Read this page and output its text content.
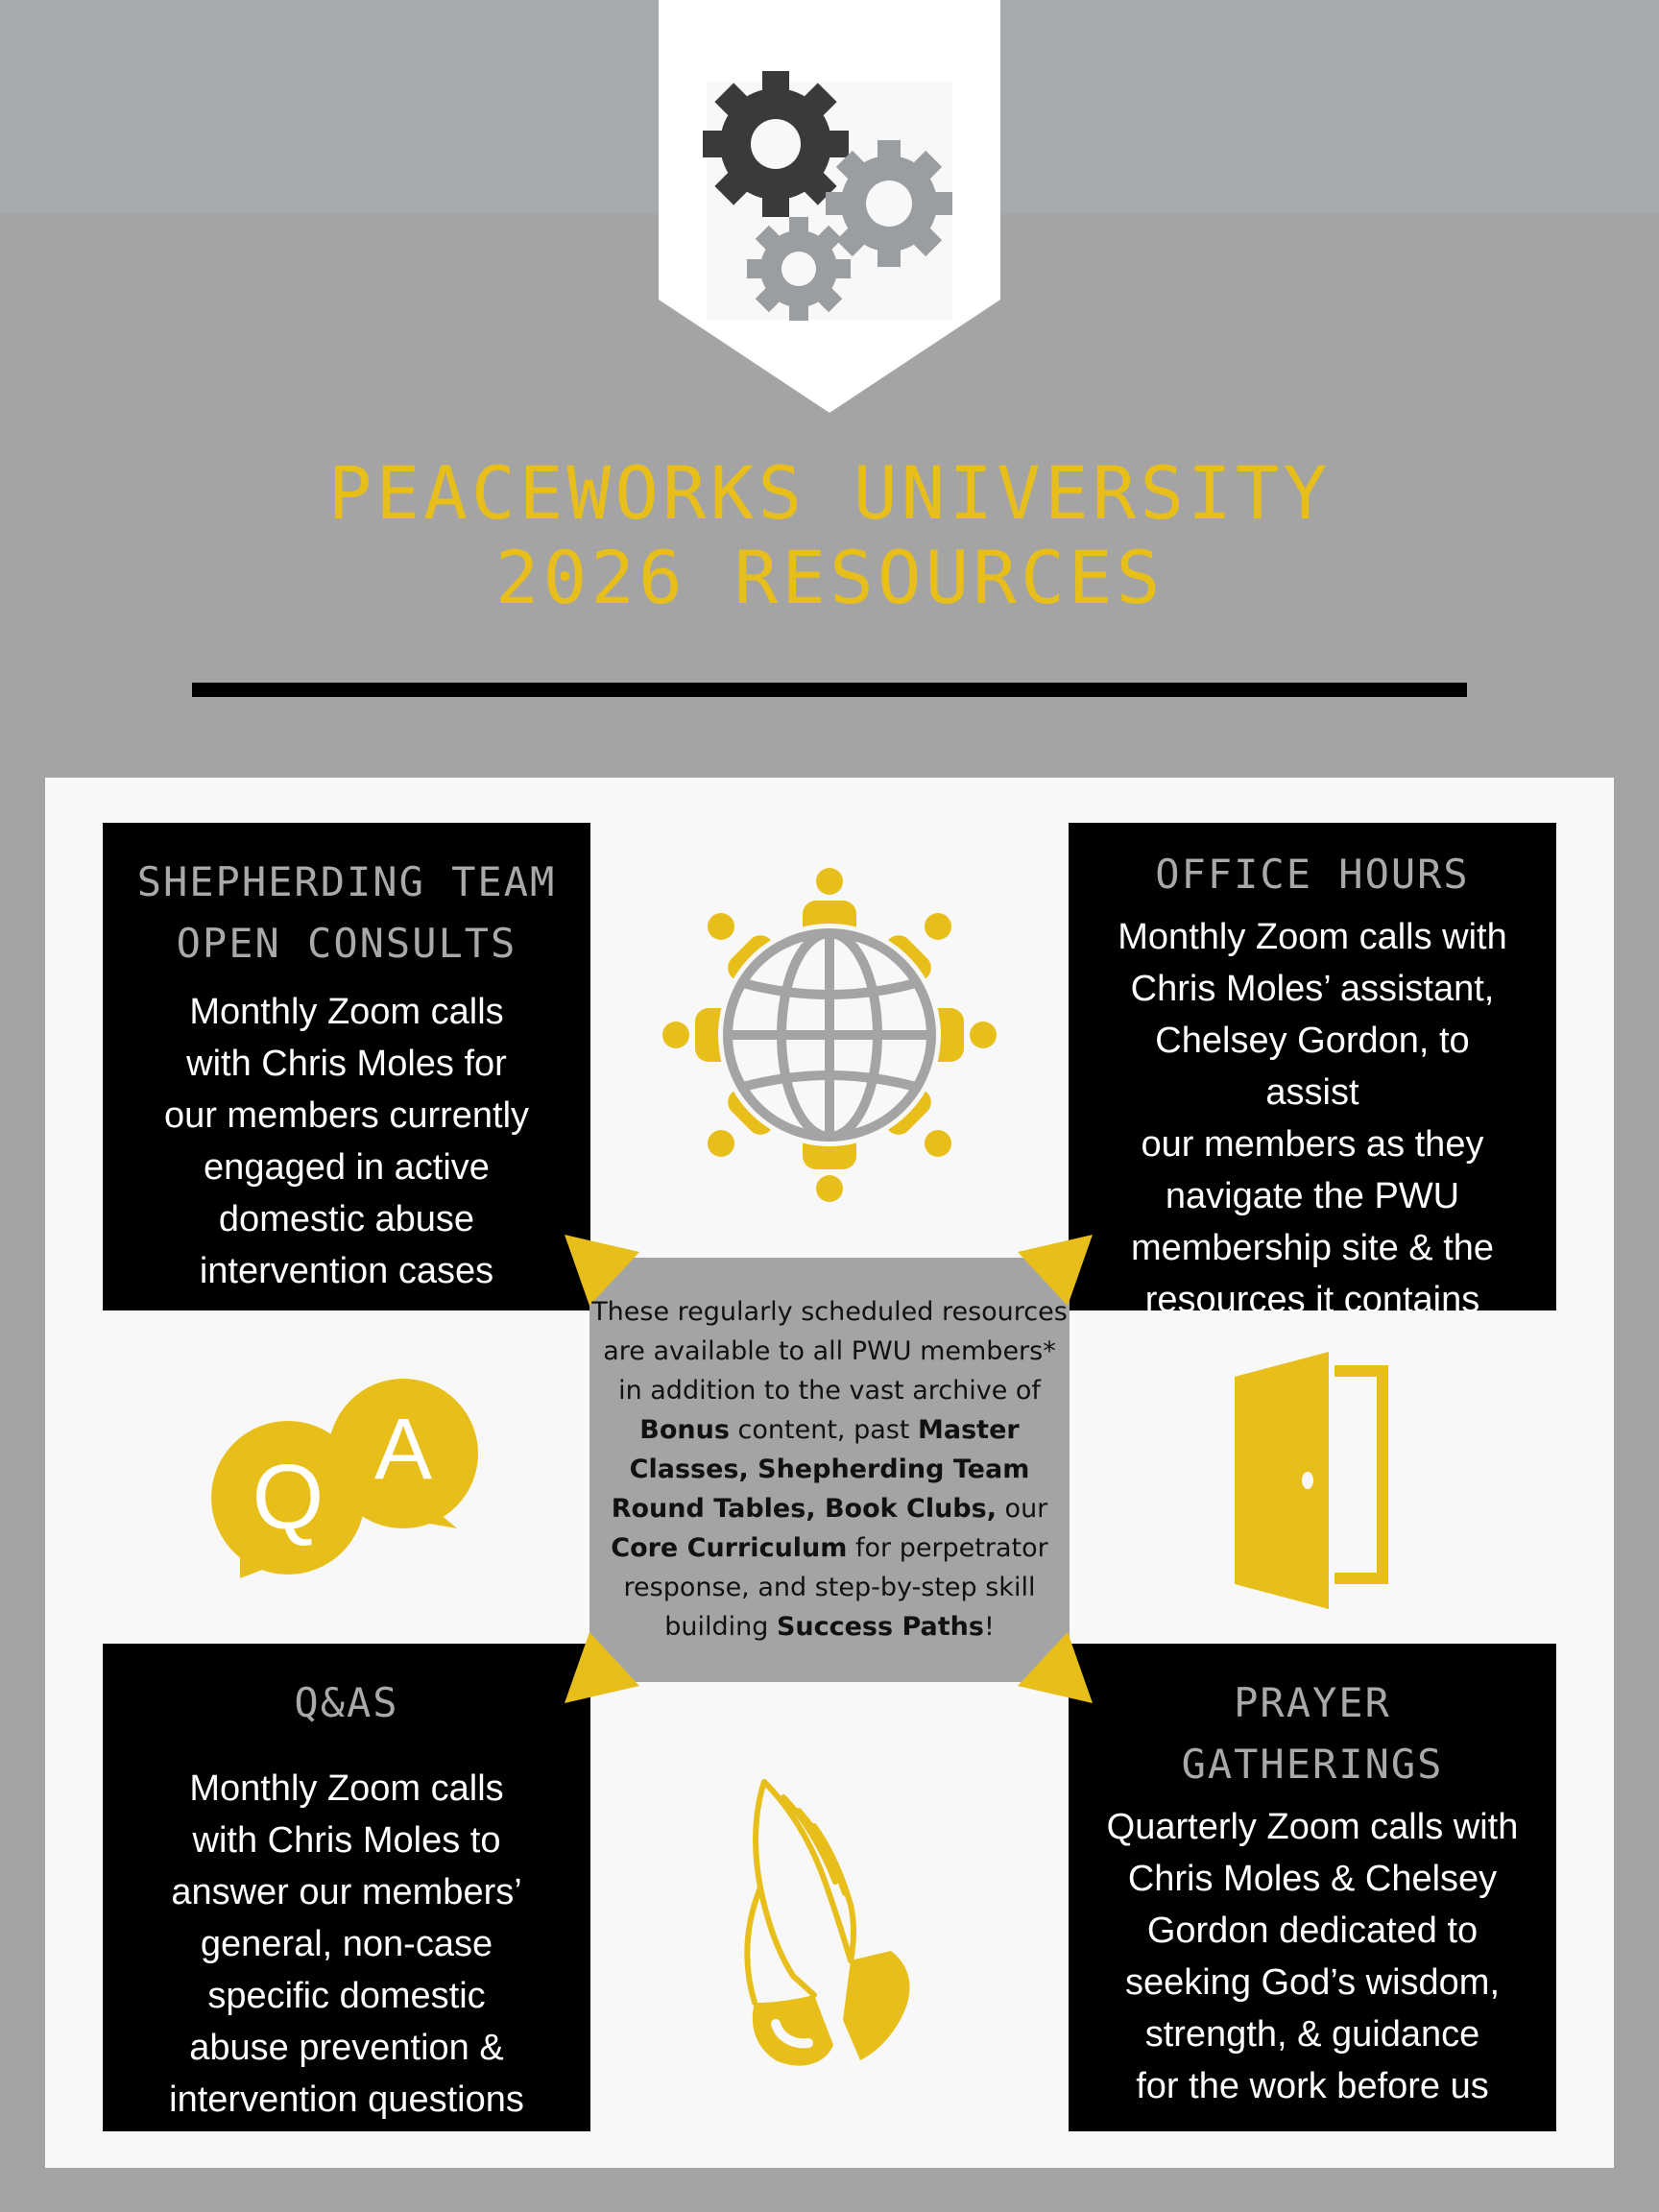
PEACEWORKS UNIVERSITY
2026 RESOURCES
SHEPHERDING TEAM
OPEN CONSULTS
Monthly Zoom calls
with Chris Moles for
our members currently
engaged in active
domestic abuse
intervention cases
OFFICE HOURS
Monthly Zoom calls with
Chris Moles’ assistant,
Chelsey Gordon, to assist
our members as they
navigate the PWU
membership site & the
resources it contains
Q&AS
Monthly Zoom calls
with Chris Moles to
answer our members’
general, non-case
specific domestic
abuse prevention &
intervention questions
PRAYER
GATHERINGS
Quarterly Zoom calls with
Chris Moles & Chelsey
Gordon dedicated to
seeking God’s wisdom,
strength, & guidance
for the work before us
These regularly scheduled resources are available to all PWU members* in addition to the vast archive of Bonus content, past Master Classes, Shepherding Team Round Tables, Book Clubs, our Core Curriculum for perpetrator response, and step-by-step skill building Success Paths!
Q A
